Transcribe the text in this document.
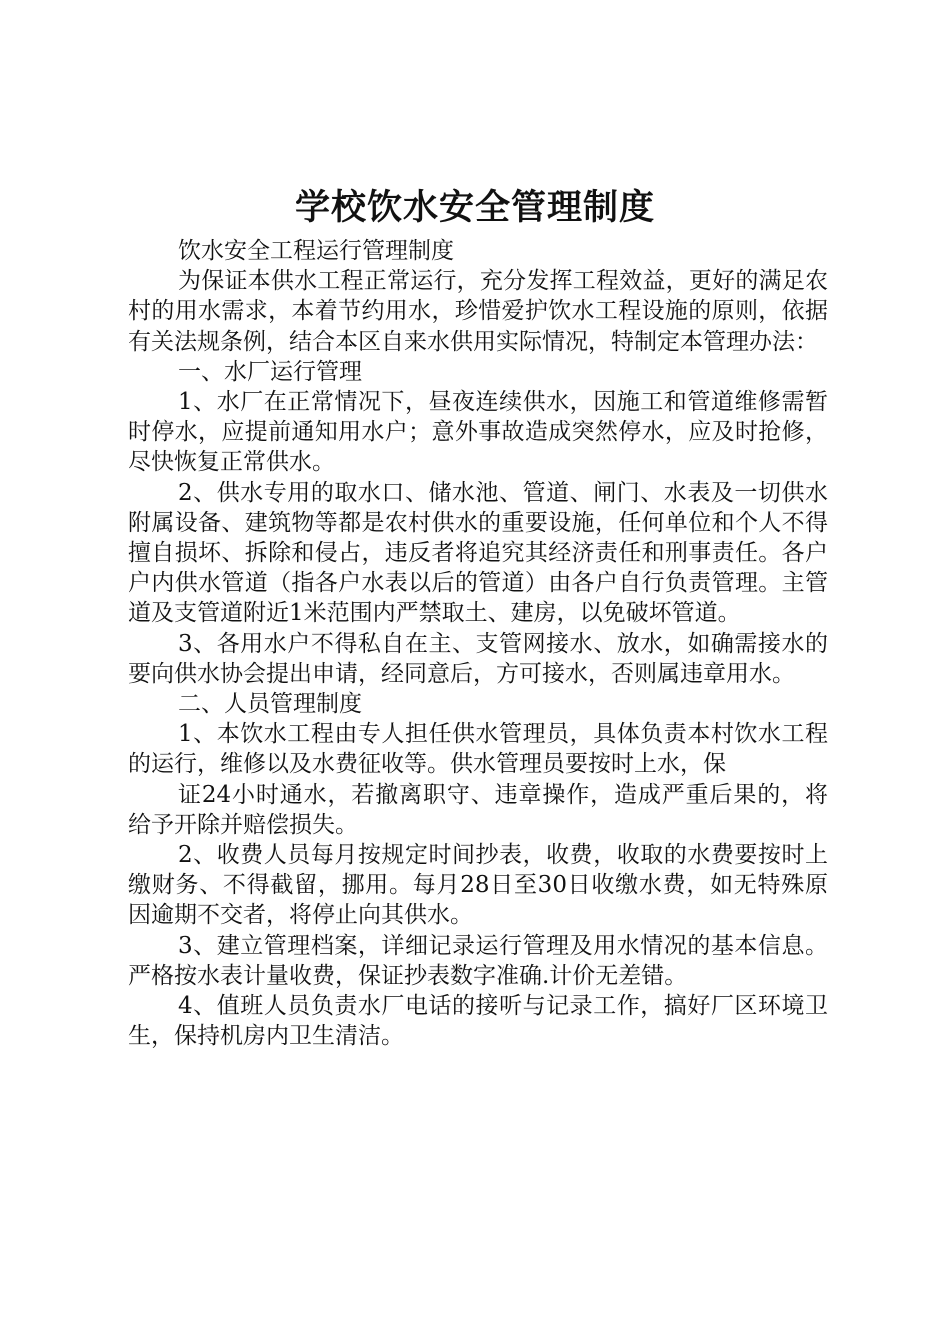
学校饮水安全管理制度

饮水安全工程运行管理制度

为保证本供水工程正常运行，充分发挥工程效益，更好的满足农村的用水需求，本着节约用水，珍惜爱护饮水工程设施的原则，依据有关法规条例，结合本区自来水供用实际情况，特制定本管理办法：

一、水厂运行管理

1、水厂在正常情况下，昼夜连续供水，因施工和管道维修需暂时停水，应提前通知用水户；意外事故造成突然停水，应及时抢修，尽快恢复正常供水。

2、供水专用的取水口、储水池、管道、闸门、水表及一切供水附属设备、建筑物等都是农村供水的重要设施，任何单位和个人不得擅自损坏、拆除和侵占，违反者将追究其经济责任和刑事责任。各户户内供水管道（指各户水表以后的管道）由各户自行负责管理。主管道及支管道附近1米范围内严禁取土、建房，以免破坏管道。

3、各用水户不得私自在主、支管网接水、放水，如确需接水的要向供水协会提出申请，经同意后，方可接水，否则属违章用水。

二、人员管理制度

1、本饮水工程由专人担任供水管理员，具体负责本村饮水工程的运行，维修以及水费征收等。供水管理员要按时上水，保

证24小时通水，若撤离职守、违章操作，造成严重后果的，将给予开除并赔偿损失。

2、收费人员每月按规定时间抄表，收费，收取的水费要按时上缴财务、不得截留，挪用。每月28日至30日收缴水费，如无特殊原因逾期不交者，将停止向其供水。

3、建立管理档案，详细记录运行管理及用水情况的基本信息。严格按水表计量收费，保证抄表数字准确.计价无差错。

4、值班人员负责水厂电话的接听与记录工作，搞好厂区环境卫生，保持机房内卫生清洁。
